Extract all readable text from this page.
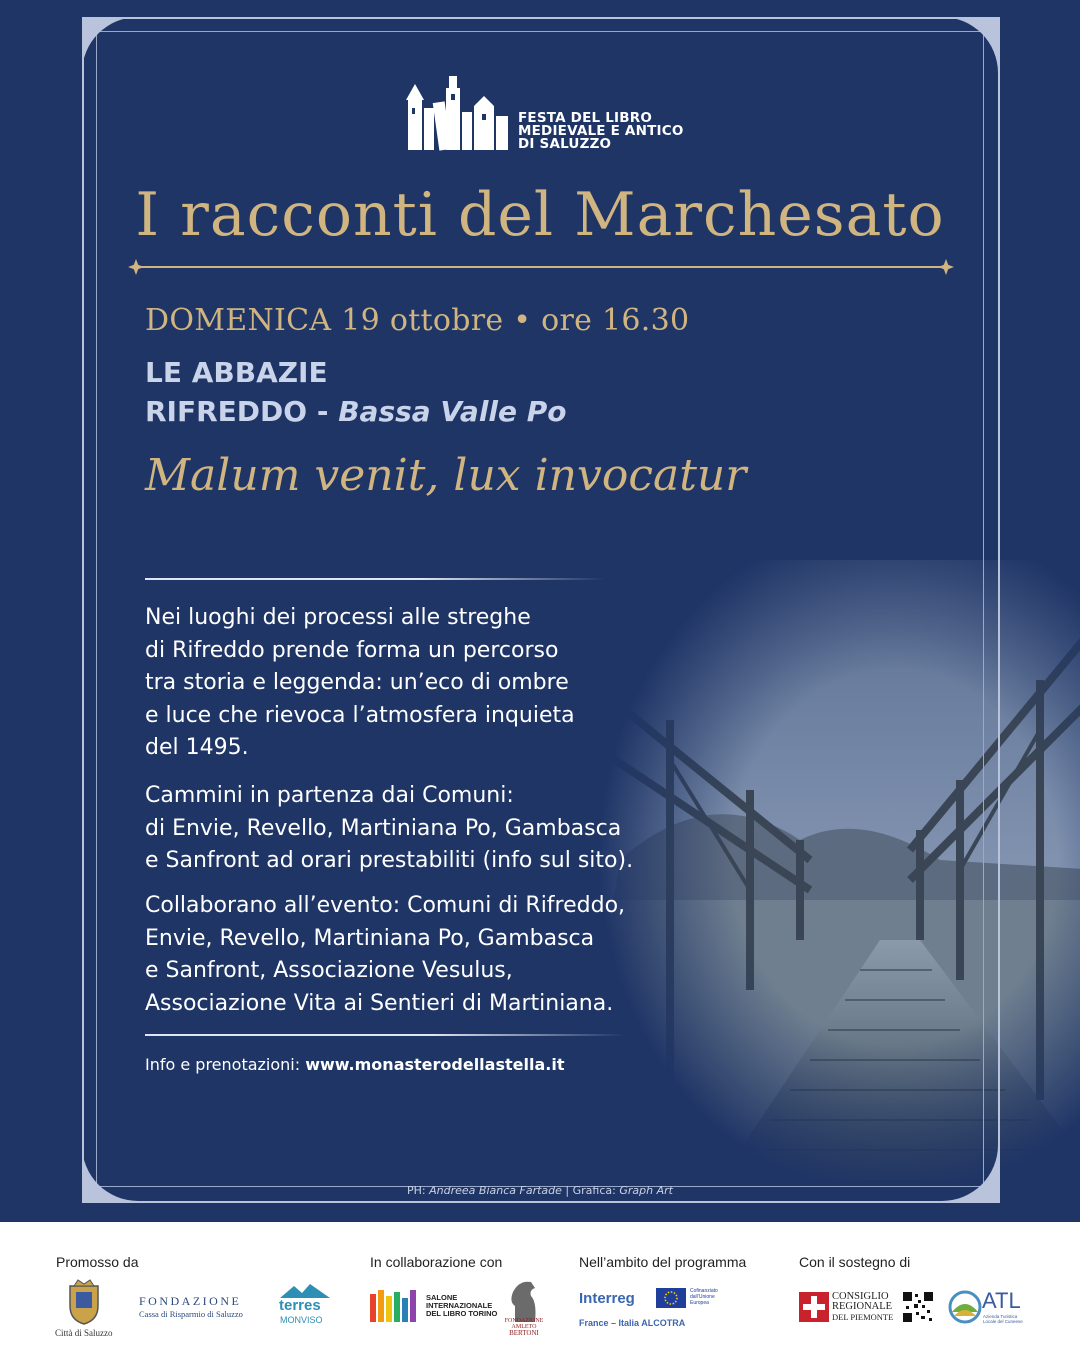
FESTA DEL LIBRO
MEDIEVALE E ANTICO
DI SALUZZO
I racconti del Marchesato
DOMENICA 19 ottobre • ore 16.30
LE ABBAZIE
RIFREDDO - Bassa Valle Po
Malum venit, lux invocatur
Nei luoghi dei processi alle streghe
di Rifreddo prende forma un percorso
tra storia e leggenda: un’eco di ombre
e luce che rievoca l’atmosfera inquieta
del 1495.
Cammini in partenza dai Comuni:
di Envie, Revello, Martiniana Po, Gambasca
e Sanfront ad orari prestabiliti (info sul sito).
Collaborano all’evento: Comuni di Rifreddo,
Envie, Revello, Martiniana Po, Gambasca
e Sanfront, Associazione Vesulus,
Associazione Vita ai Sentieri di Martiniana.
Info e prenotazioni: www.monasterodellastella.it
PH: Andreea Bianca Fartade | Grafica: Graph Art
Promosso da	In collaborazione con	Nell’ambito del programma	Con il sostegno di
Città di Saluzzo
FONDAZIONE
Cassa di Risparmio di Saluzzo terres
MONVISO
SALONE
INTERNAZIONALE
DEL LIBRO TORINO
FONDAZIONE
AMLETO
BERTONI
Interreg	Cofinanziato dall’Unione Europea
France – Italia ALCOTRA
CONSIGLIO
REGIONALE
DEL PIEMONTE
ATL
Azienda Turistica Locale del Cuneese
